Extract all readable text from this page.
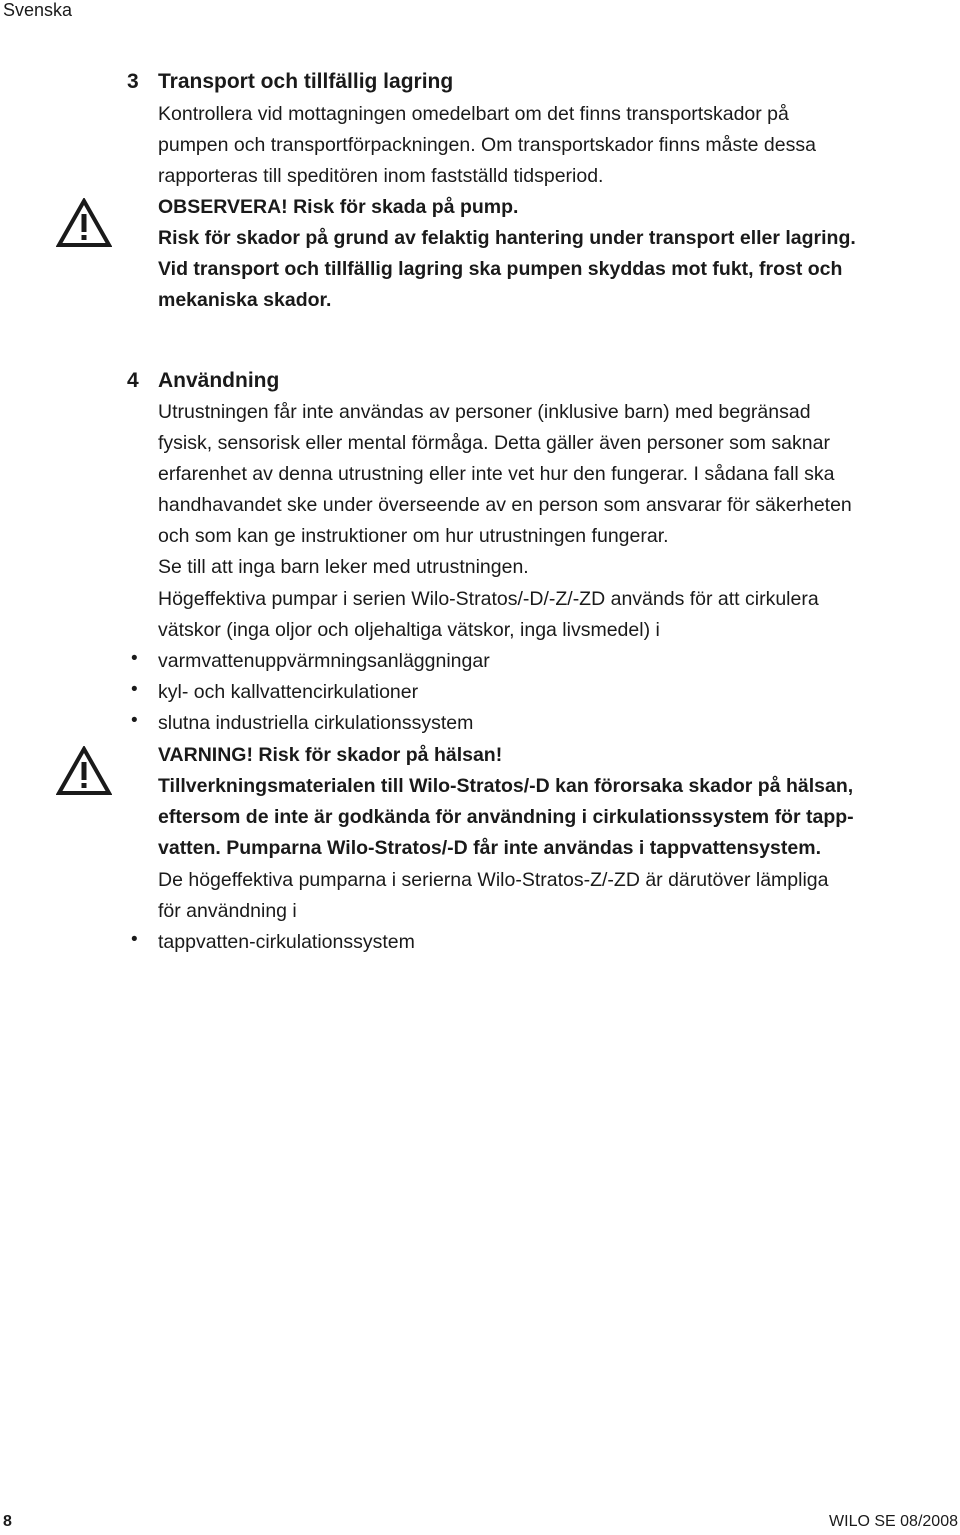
Svenska
3 Transport och tillfällig lagring
Kontrollera vid mottagningen omedelbart om det finns transportskador på
pumpen och transportförpackningen. Om transportskador finns måste dessa
rapporteras till speditören inom fastställd tidsperiod.
OBSERVERA! Risk för skada på pump.
Risk för skador på grund av felaktig hantering under transport eller lagring.
Vid transport och tillfällig lagring ska pumpen skyddas mot fukt, frost och
mekaniska skador.
4 Användning
Utrustningen får inte användas av personer (inklusive barn) med begränsad
fysisk, sensorisk eller mental förmåga. Detta gäller även personer som saknar
erfarenhet av denna utrustning eller inte vet hur den fungerar. I sådana fall ska
handhavandet ske under överseende av en person som ansvarar för säkerheten
och som kan ge instruktioner om hur utrustningen fungerar.
Se till att inga barn leker med utrustningen.
Högeffektiva pumpar i serien Wilo-Stratos/-D/-Z/-ZD används för att cirkulera
vätskor (inga oljor och oljehaltiga vätskor, inga livsmedel) i
• varmvattenuppvärmningsanläggningar
• kyl- och kallvattencirkulationer
• slutna industriella cirkulationssystem
VARNING! Risk för skador på hälsan!
Tillverkningsmaterialen till Wilo-Stratos/-D kan förorsaka skador på hälsan,
eftersom de inte är godkända för användning i cirkulationssystem för tapp-
vatten. Pumparna Wilo-Stratos/-D får inte användas i tappvattensystem.
De högeffektiva pumparna i serierna Wilo-Stratos-Z/-ZD är därutöver lämpliga
för användning i
• tappvatten-cirkulationssystem
8	WILO SE 08/2008
